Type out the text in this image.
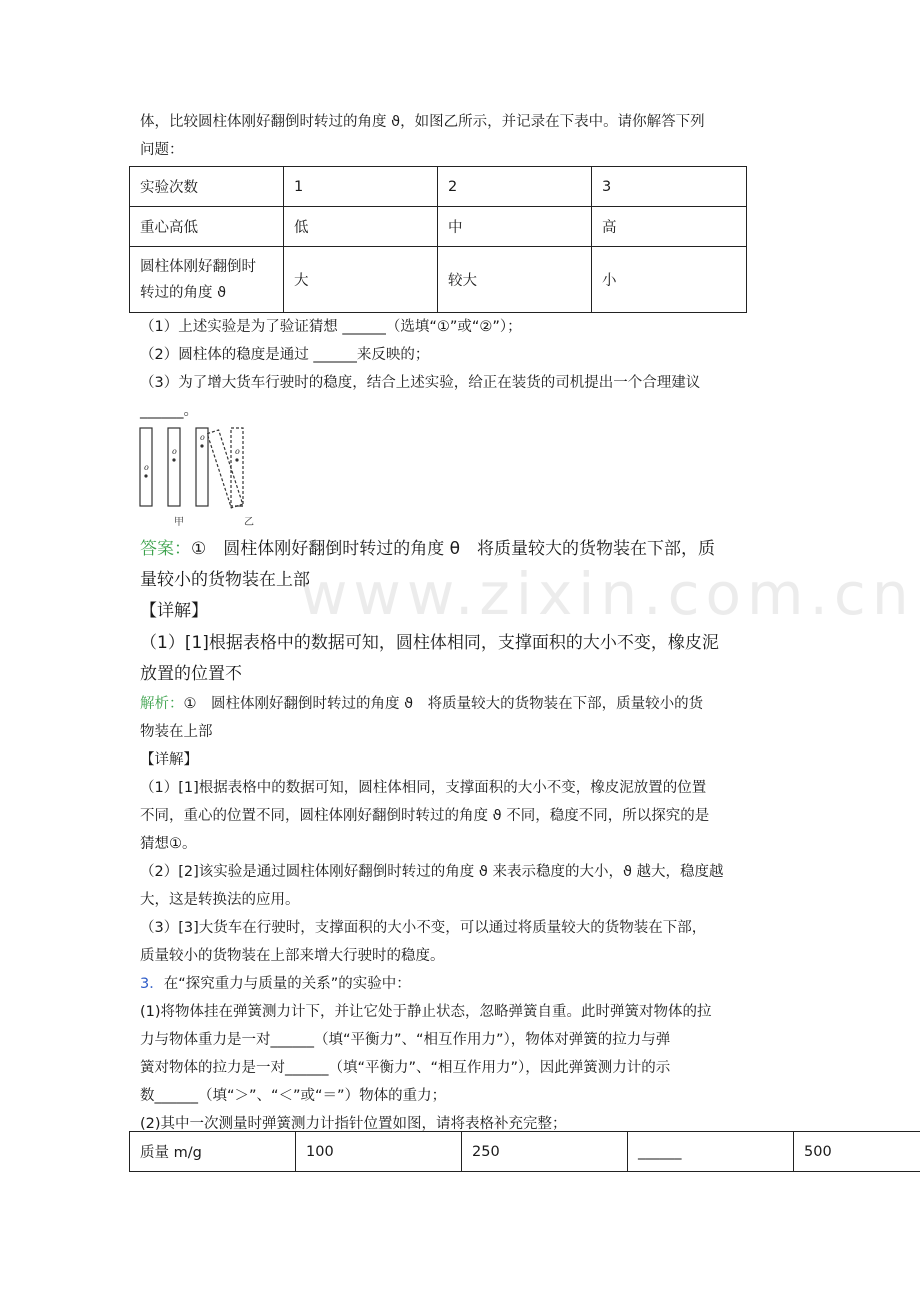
www.zixin.com.cn
体，比较圆柱体刚好翻倒时转过的角度 ϑ，如图乙所示，并记录在下表中。请你解答下列
问题：
实验次数	1	2	3
重心高低	低	中	高

圆柱体刚好翻倒时
转过的角度 ϑ	大	较大	小
（1）上述实验是为了验证猜想 ______（选填“①”或“②”）；
（2）圆柱体的稳度是通过 ______来反映的；
（3）为了增大货车行驶时的稳度，结合上述实验，给正在装货的司机提出一个合理建议
______。
o
o
o
o
甲	乙
答案：①　圆柱体刚好翻倒时转过的角度 θ　将质量较大的货物装在下部，质
量较小的货物装在上部
【详解】
（1）[1]根据表格中的数据可知，圆柱体相同，支撑面积的大小不变，橡皮泥
放置的位置不
解析：①　圆柱体刚好翻倒时转过的角度 ϑ　将质量较大的货物装在下部，质量较小的货
物装在上部
【详解】
（1）[1]根据表格中的数据可知，圆柱体相同，支撑面积的大小不变，橡皮泥放置的位置
不同，重心的位置不同，圆柱体刚好翻倒时转过的角度 ϑ 不同，稳度不同，所以探究的是
猜想①。
（2）[2]该实验是通过圆柱体刚好翻倒时转过的角度 ϑ 来表示稳度的大小，ϑ 越大，稳度越
大，这是转换法的应用。
（3）[3]大货车在行驶时，支撑面积的大小不变，可以通过将质量较大的货物装在下部，
质量较小的货物装在上部来增大行驶时的稳度。
3．在“探究重力与质量的关系”的实验中：
(1)将物体挂在弹簧测力计下，并让它处于静止状态，忽略弹簧自重。此时弹簧对物体的拉
力与物体重力是一对______（填“平衡力”、“相互作用力”），物体对弹簧的拉力与弹
簧对物体的拉力是一对______（填“平衡力”、“相互作用力”），因此弹簧测力计的示
数______（填“＞”、“＜”或“＝”）物体的重力；
(2)其中一次测量时弹簧测力计指针位置如图，请将表格补充完整；
质量 m/g	100	250	______	500
